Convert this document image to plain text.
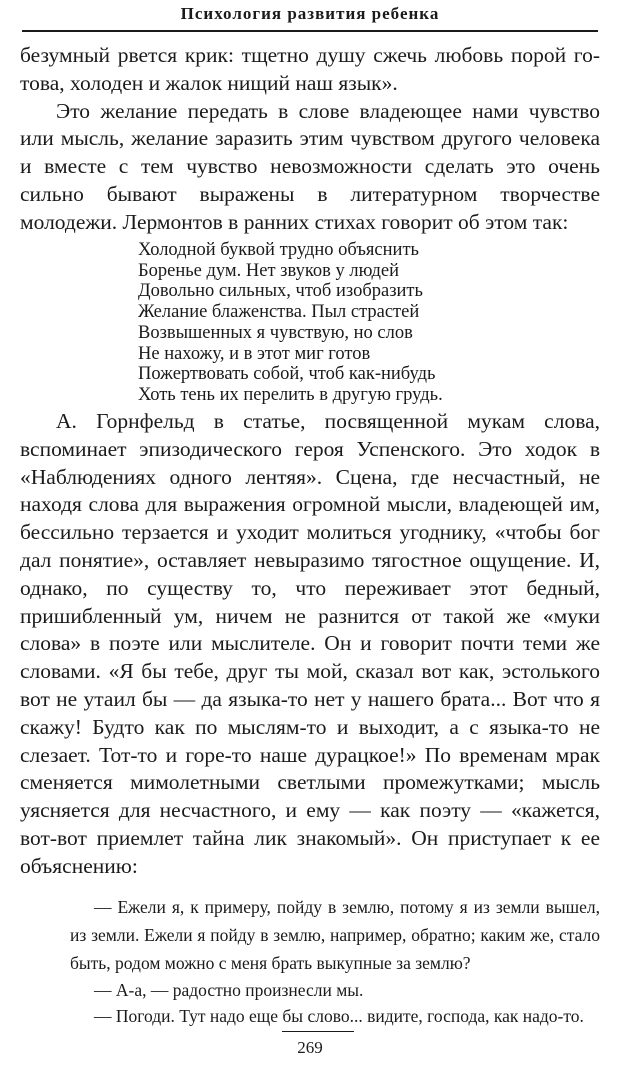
Психология развития ребенка
безумный рвется крик: тщетно душу сжечь любовь порой го-
това, холоден и жалок нищий наш язык».
Это желание передать в слове владеющее нами чувство или мысль, желание заразить этим чувством другого человека и вместе с тем чувство невозможности сделать это очень сильно бывают выражены в литературном творчестве молодежи. Лермонтов в ранних стихах говорит об этом так:
Холодной буквой трудно объяснить
Боренье дум. Нет звуков у людей
Довольно сильных, чтоб изобразить
Желание блаженства. Пыл страстей
Возвышенных я чувствую, но слов
Не нахожу, и в этот миг готов
Пожертвовать собой, чтоб как-нибудь
Хоть тень их перелить в другую грудь.
А. Горнфельд в статье, посвященной мукам слова, вспоминает эпизодического героя Успенского. Это ходок в «Наблюдениях одного лентяя». Сцена, где несчастный, не находя слова для выражения огромной мысли, владеющей им, бессильно терзается и уходит молиться угоднику, «чтобы бог дал понятие», оставляет невыразимо тягостное ощущение. И, однако, по существу то, что переживает этот бедный, пришибленный ум, ничем не разнится от такой же «муки слова» в поэте или мыслителе. Он и говорит почти теми же словами. «Я бы тебе, друг ты мой, сказал вот как, эстолького вот не утаил бы — да языка-то нет у нашего брата... Вот что я скажу! Будто как по мыслям-то и выходит, а с языка-то не слезает. Тот-то и горе-то наше дурацкое!» По временам мрак сменяется мимолетными светлыми промежутками; мысль уясняется для несчастного, и ему — как поэту — «кажется, вот-вот приемлет тайна лик знакомый». Он приступает к ее объяснению:
— Ежели я, к примеру, пойду в землю, потому я из земли вышел, из земли. Ежели я пойду в землю, например, обратно; каким же, стало быть, родом можно с меня брать выкупные за землю?
— А-а, — радостно произнесли мы.
— Погоди. Тут надо еще бы слово... видите, господа, как надо-то.
269
